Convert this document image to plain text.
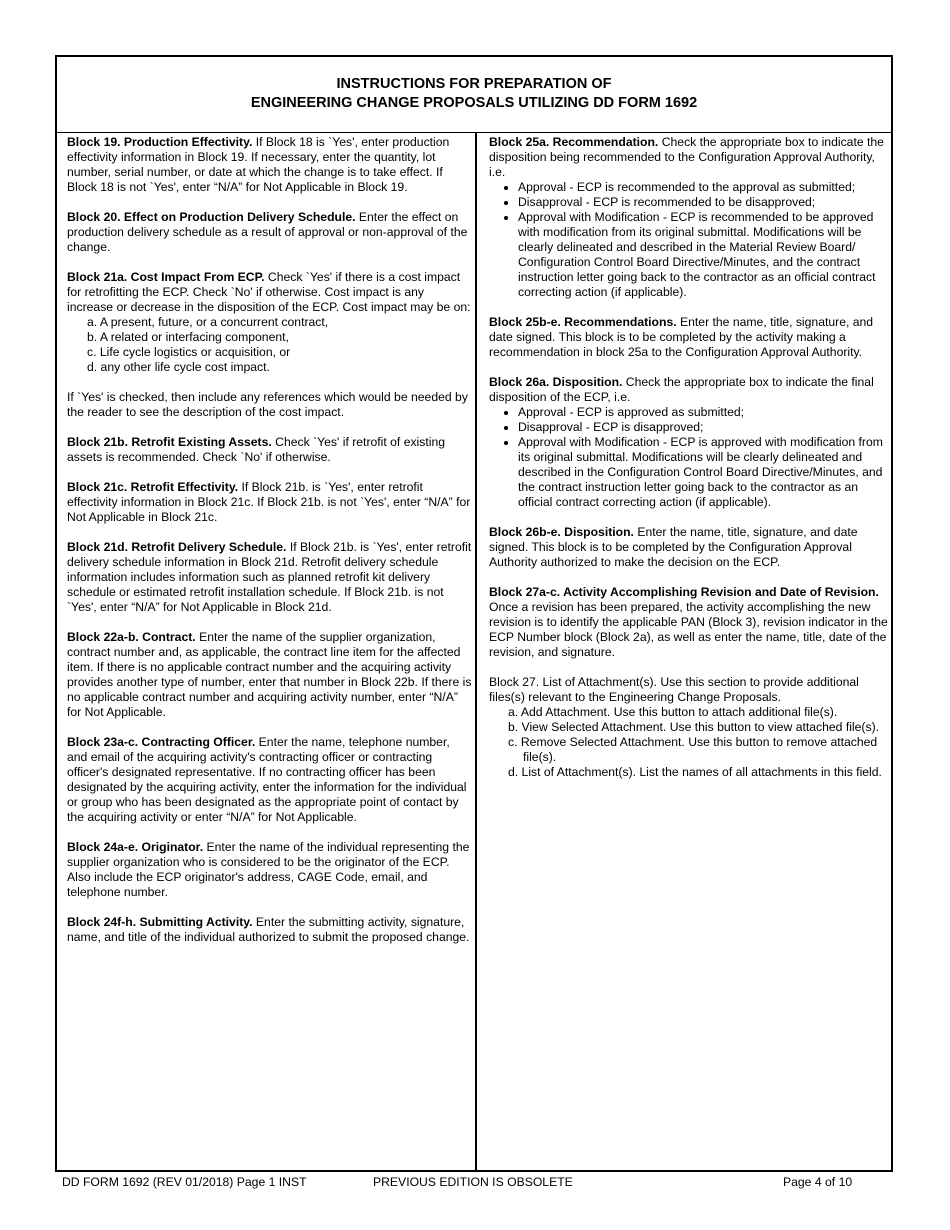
INSTRUCTIONS FOR PREPARATION OF
ENGINEERING CHANGE PROPOSALS UTILIZING DD FORM 1692
Block 19. Production Effectivity. If Block 18 is `Yes', enter production effectivity information in Block 19. If necessary, enter the quantity, lot number, serial number, or date at which the change is to take effect. If Block 18 is not `Yes', enter “N/A” for Not Applicable in Block 19.
Block 20. Effect on Production Delivery Schedule. Enter the effect on production delivery schedule as a result of approval or non-approval of the change.
Block 21a. Cost Impact From ECP. Check `Yes' if there is a cost impact for retrofitting the ECP. Check `No' if otherwise. Cost impact is any increase or decrease in the disposition of the ECP. Cost impact may be on:
a. A present, future, or a concurrent contract,
b. A related or interfacing component,
c. Life cycle logistics or acquisition, or
d. any other life cycle cost impact.
If `Yes' is checked, then include any references which would be needed by the reader to see the description of the cost impact.
Block 21b. Retrofit Existing Assets. Check `Yes' if retrofit of existing assets is recommended. Check `No' if otherwise.
Block 21c. Retrofit Effectivity. If Block 21b. is `Yes', enter retrofit effectivity information in Block 21c. If Block 21b. is not `Yes', enter “N/A” for Not Applicable in Block 21c.
Block 21d. Retrofit Delivery Schedule. If Block 21b. is `Yes', enter retrofit delivery schedule information in Block 21d. Retrofit delivery schedule information includes information such as planned retrofit kit delivery schedule or estimated retrofit installation schedule. If Block 21b. is not `Yes', enter “N/A” for Not Applicable in Block 21d.
Block 22a-b. Contract. Enter the name of the supplier organization, contract number and, as applicable, the contract line item for the affected item. If there is no applicable contract number and the acquiring activity provides another type of number, enter that number in Block 22b. If there is no applicable contract number and acquiring activity number, enter “N/A” for Not Applicable.
Block 23a-c. Contracting Officer. Enter the name, telephone number, and email of the acquiring activity's contracting officer or contracting officer's designated representative. If no contracting officer has been designated by the acquiring activity, enter the information for the individual or group who has been designated as the appropriate point of contact by the acquiring activity or enter “N/A” for Not Applicable.
Block 24a-e. Originator. Enter the name of the individual representing the supplier organization who is considered to be the originator of the ECP. Also include the ECP originator's address, CAGE Code, email, and telephone number.
Block 24f-h. Submitting Activity. Enter the submitting activity, signature, name, and title of the individual authorized to submit the proposed change.
Block 25a. Recommendation. Check the appropriate box to indicate the disposition being recommended to the Configuration Approval Authority, i.e.
• Approval - ECP is recommended to the approval as submitted;
• Disapproval - ECP is recommended to be disapproved;
• Approval with Modification - ECP is recommended to be approved with modification from its original submittal. Modifications will be clearly delineated and described in the Material Review Board/ Configuration Control Board Directive/Minutes, and the contract instruction letter going back to the contractor as an official contract correcting action (if applicable).
Block 25b-e. Recommendations. Enter the name, title, signature, and date signed. This block is to be completed by the activity making a recommendation in block 25a to the Configuration Approval Authority.
Block 26a. Disposition. Check the appropriate box to indicate the final disposition of the ECP, i.e.
• Approval - ECP is approved as submitted;
• Disapproval - ECP is disapproved;
• Approval with Modification - ECP is approved with modification from its original submittal. Modifications will be clearly delineated and described in the Configuration Control Board Directive/Minutes, and the contract instruction letter going back to the contractor as an official contract correcting action (if applicable).
Block 26b-e. Disposition. Enter the name, title, signature, and date signed. This block is to be completed by the Configuration Approval Authority authorized to make the decision on the ECP.
Block 27a-c. Activity Accomplishing Revision and Date of Revision. Once a revision has been prepared, the activity accomplishing the new revision is to identify the applicable PAN (Block 3), revision indicator in the ECP Number block (Block 2a), as well as enter the name, title, date of the revision, and signature.
Block 27. List of Attachment(s). Use this section to provide additional files(s) relevant to the Engineering Change Proposals.
a. Add Attachment. Use this button to attach additional file(s).
b. View Selected Attachment. Use this button to view attached file(s).
c. Remove Selected Attachment. Use this button to remove attached file(s).
d. List of Attachment(s). List the names of all attachments in this field.
DD FORM 1692 (REV 01/2018) Page 1 INST	PREVIOUS EDITION IS OBSOLETE	Page 4 of 10
